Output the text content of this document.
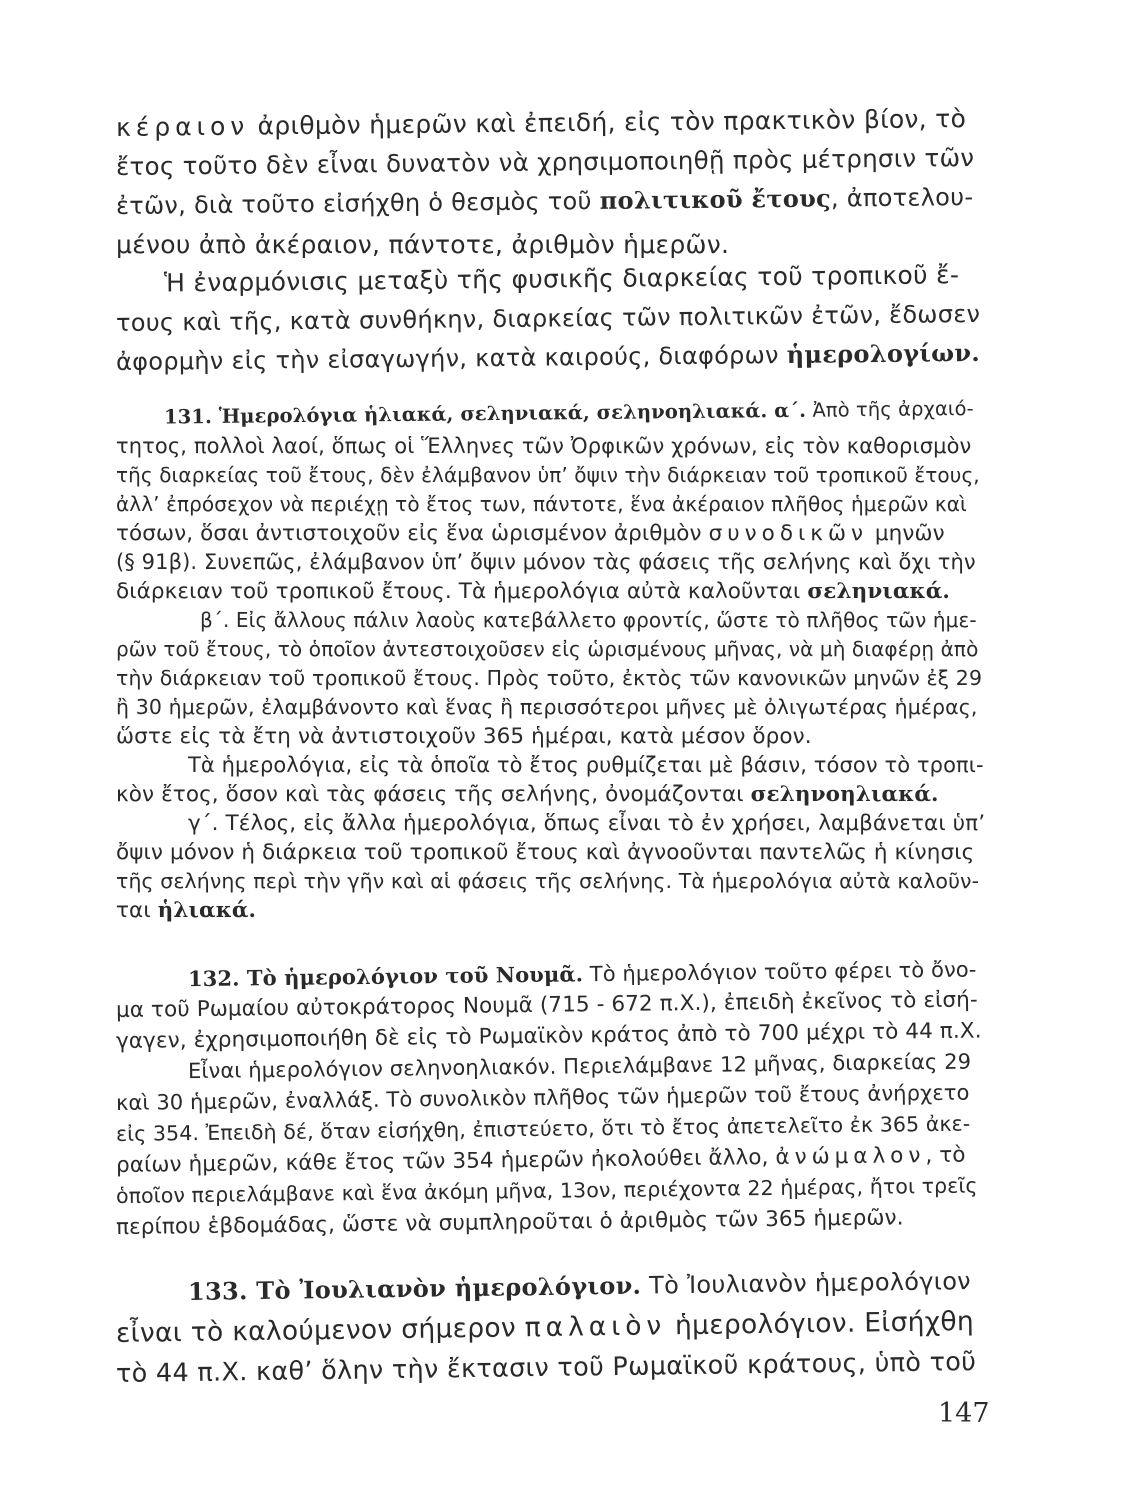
κέραιον ἀριθμὸν ἡμερῶν καὶ ἐπειδή, εἰς τὸν πρακτικὸν βίον, τὸ
ἔτος τοῦτο δὲν εἶναι δυνατὸν νὰ χρησιμοποιηθῇ πρὸς μέτρησιν τῶν
ἐτῶν, διὰ τοῦτο εἰσήχθη ὁ θεσμὸς τοῦ πολιτικοῦ ἔτους, ἀποτελου-
μένου ἀπὸ ἀκέραιον, πάντοτε, ἀριθμὸν ἡμερῶν.
Ἡ ἐναρμόνισις μεταξὺ τῆς φυσικῆς διαρκείας τοῦ τροπικοῦ ἔ-
τους καὶ τῆς, κατὰ συνθήκην, διαρκείας τῶν πολιτικῶν ἐτῶν, ἔδωσεν
ἀφορμὴν εἰς τὴν εἰσαγωγήν, κατὰ καιρούς, διαφόρων ἡμερολογίων.
131. Ἡμερολόγια ἡλιακά, σεληνιακά, σεληνοηλιακά. α΄. Ἀπὸ τῆς ἀρχαιό-
τητος, πολλοὶ λαοί, ὅπως οἱ Ἕλληνες τῶν Ὀρφικῶν χρόνων, εἰς τὸν καθορισμὸν
τῆς διαρκείας τοῦ ἔτους, δὲν ἐλάμβανον ὑπ’ ὄψιν τὴν διάρκειαν τοῦ τροπικοῦ ἔτους,
ἀλλ’ ἐπρόσεχον νὰ περιέχῃ τὸ ἔτος των, πάντοτε, ἕνα ἀκέραιον πλῆθος ἡμερῶν καὶ
τόσων, ὅσαι ἀντιστοιχοῦν εἰς ἕνα ὡρισμένον ἀριθμὸν συνοδικῶν μηνῶν
(§ 91β). Συνεπῶς, ἐλάμβανον ὑπ’ ὄψιν μόνον τὰς φάσεις τῆς σελήνης καὶ ὄχι τὴν
διάρκειαν τοῦ τροπικοῦ ἔτους. Τὰ ἡμερολόγια αὐτὰ καλοῦνται σεληνιακά.
β΄. Εἰς ἄλλους πάλιν λαοὺς κατεβάλλετο φροντίς, ὥστε τὸ πλῆθος τῶν ἡμε-
ρῶν τοῦ ἔτους, τὸ ὁποῖον ἀντεστοιχοῦσεν εἰς ὡρισμένους μῆνας, νὰ μὴ διαφέρῃ ἀπὸ
τὴν διάρκειαν τοῦ τροπικοῦ ἔτους. Πρὸς τοῦτο, ἐκτὸς τῶν κανονικῶν μηνῶν ἐξ 29
ἢ 30 ἡμερῶν, ἐλαμβάνοντο καὶ ἕνας ἢ περισσότεροι μῆνες μὲ ὀλιγωτέρας ἡμέρας,
ὥστε εἰς τὰ ἔτη νὰ ἀντιστοιχοῦν 365 ἡμέραι, κατὰ μέσον ὅρον.
Τὰ ἡμερολόγια, εἰς τὰ ὁποῖα τὸ ἔτος ρυθμίζεται μὲ βάσιν, τόσον τὸ τροπι-
κὸν ἔτος, ὅσον καὶ τὰς φάσεις τῆς σελήνης, ὀνομάζονται σεληνοηλιακά.
γ΄. Τέλος, εἰς ἄλλα ἡμερολόγια, ὅπως εἶναι τὸ ἐν χρήσει, λαμβάνεται ὑπ’
ὄψιν μόνον ἡ διάρκεια τοῦ τροπικοῦ ἔτους καὶ ἀγνοοῦνται παντελῶς ἡ κίνησις
τῆς σελήνης περὶ τὴν γῆν καὶ αἱ φάσεις τῆς σελήνης. Τὰ ἡμερολόγια αὐτὰ καλοῦν-
ται ἡλιακά.
132. Τὸ ἡμερολόγιον τοῦ Νουμᾶ. Τὸ ἡμερολόγιον τοῦτο φέρει τὸ ὄνο-
μα τοῦ Ρωμαίου αὐτοκράτορος Νουμᾶ (715 - 672 π.Χ.), ἐπειδὴ ἐκεῖνος τὸ εἰσή-
γαγεν, ἐχρησιμοποιήθη δὲ εἰς τὸ Ρωμαϊκὸν κράτος ἀπὸ τὸ 700 μέχρι τὸ 44 π.Χ.
Εἶναι ἡμερολόγιον σεληνοηλιακόν. Περιελάμβανε 12 μῆνας, διαρκείας 29
καὶ 30 ἡμερῶν, ἐναλλάξ. Τὸ συνολικὸν πλῆθος τῶν ἡμερῶν τοῦ ἔτους ἀνήρχετο
εἰς 354. Ἐπειδὴ δέ, ὅταν εἰσήχθη, ἐπιστεύετο, ὅτι τὸ ἔτος ἀπετελεῖτο ἐκ 365 ἀκε-
ραίων ἡμερῶν, κάθε ἔτος τῶν 354 ἡμερῶν ἠκολούθει ἄλλο, ἀνώμαλον, τὸ
ὁποῖον περιελάμβανε καὶ ἕνα ἀκόμη μῆνα, 13ον, περιέχοντα 22 ἡμέρας, ἤτοι τρεῖς
περίπου ἑβδομάδας, ὥστε νὰ συμπληροῦται ὁ ἀριθμὸς τῶν 365 ἡμερῶν.
133. Τὸ Ἰουλιανὸν ἡμερολόγιον. Τὸ Ἰουλιανὸν ἡμερολόγιον
εἶναι τὸ καλούμενον σήμερον παλαιὸν ἡμερολόγιον. Εἰσήχθη
τὸ 44 π.Χ. καθ’ ὅλην τὴν ἔκτασιν τοῦ Ρωμαϊκοῦ κράτους, ὑπὸ τοῦ
147
